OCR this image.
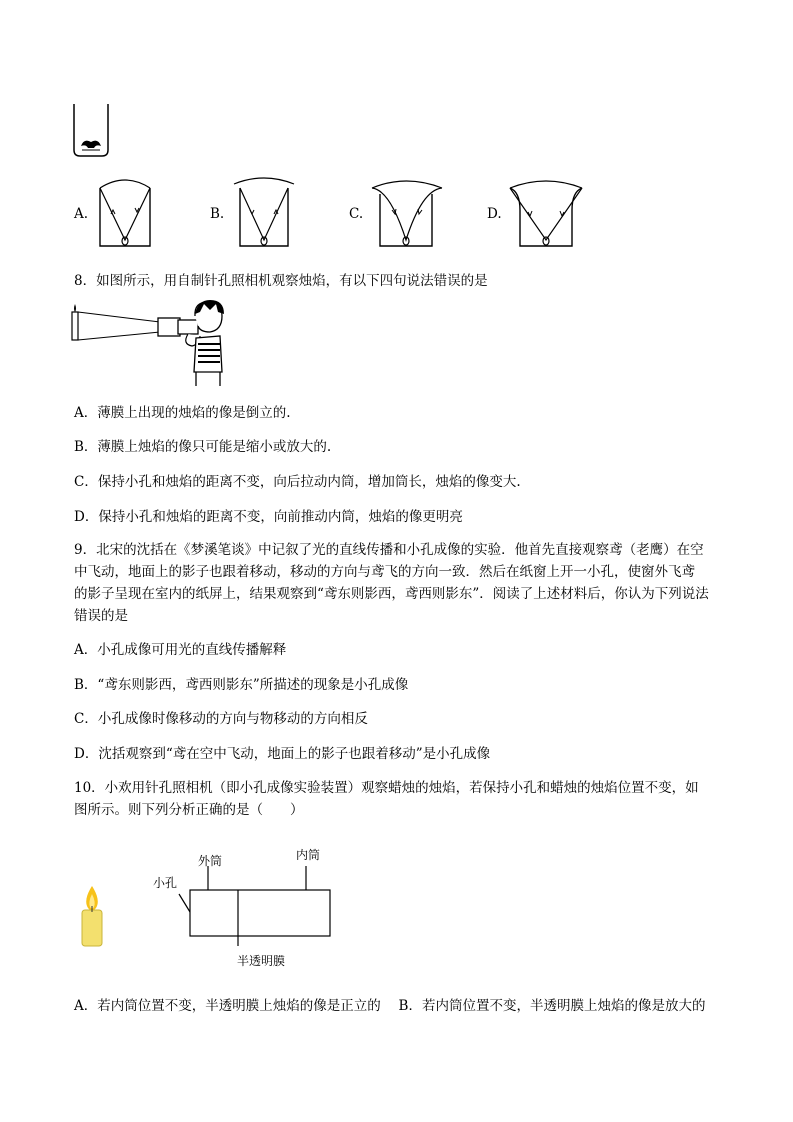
A.	B.	C.	D.
8．如图所示，用自制针孔照相机观察烛焰，有以下四句说法错误的是
A．薄膜上出现的烛焰的像是倒立的.
B．薄膜上烛焰的像只可能是缩小或放大的.
C．保持小孔和烛焰的距离不变，向后拉动内筒，增加筒长，烛焰的像变大.
D．保持小孔和烛焰的距离不变，向前推动内筒，烛焰的像更明亮
9．北宋的沈括在《梦溪笔谈》中记叙了光的直线传播和小孔成像的实验．他首先直接观察鸢（老鹰）在空
中飞动，地面上的影子也跟着移动，移动的方向与鸢飞的方向一致．然后在纸窗上开一小孔，使窗外飞鸢
的影子呈现在室内的纸屏上，结果观察到“鸢东则影西，鸢西则影东”．阅读了上述材料后，你认为下列说法
错误的是
A．小孔成像可用光的直线传播解释
B．“鸢东则影西，鸢西则影东”所描述的现象是小孔成像
C．小孔成像时像移动的方向与物移动的方向相反
D．沈括观察到“鸢在空中飞动，地面上的影子也跟着移动”是小孔成像
10．小欢用针孔照相机（即小孔成像实验装置）观察蜡烛的烛焰，若保持小孔和蜡烛的烛焰位置不变，如
图所示。则下列分析正确的是（　　）
外筒	内筒
小孔
半透明膜
A．若内筒位置不变，半透明膜上烛焰的像是正立的　 B．若内筒位置不变，半透明膜上烛焰的像是放大的
